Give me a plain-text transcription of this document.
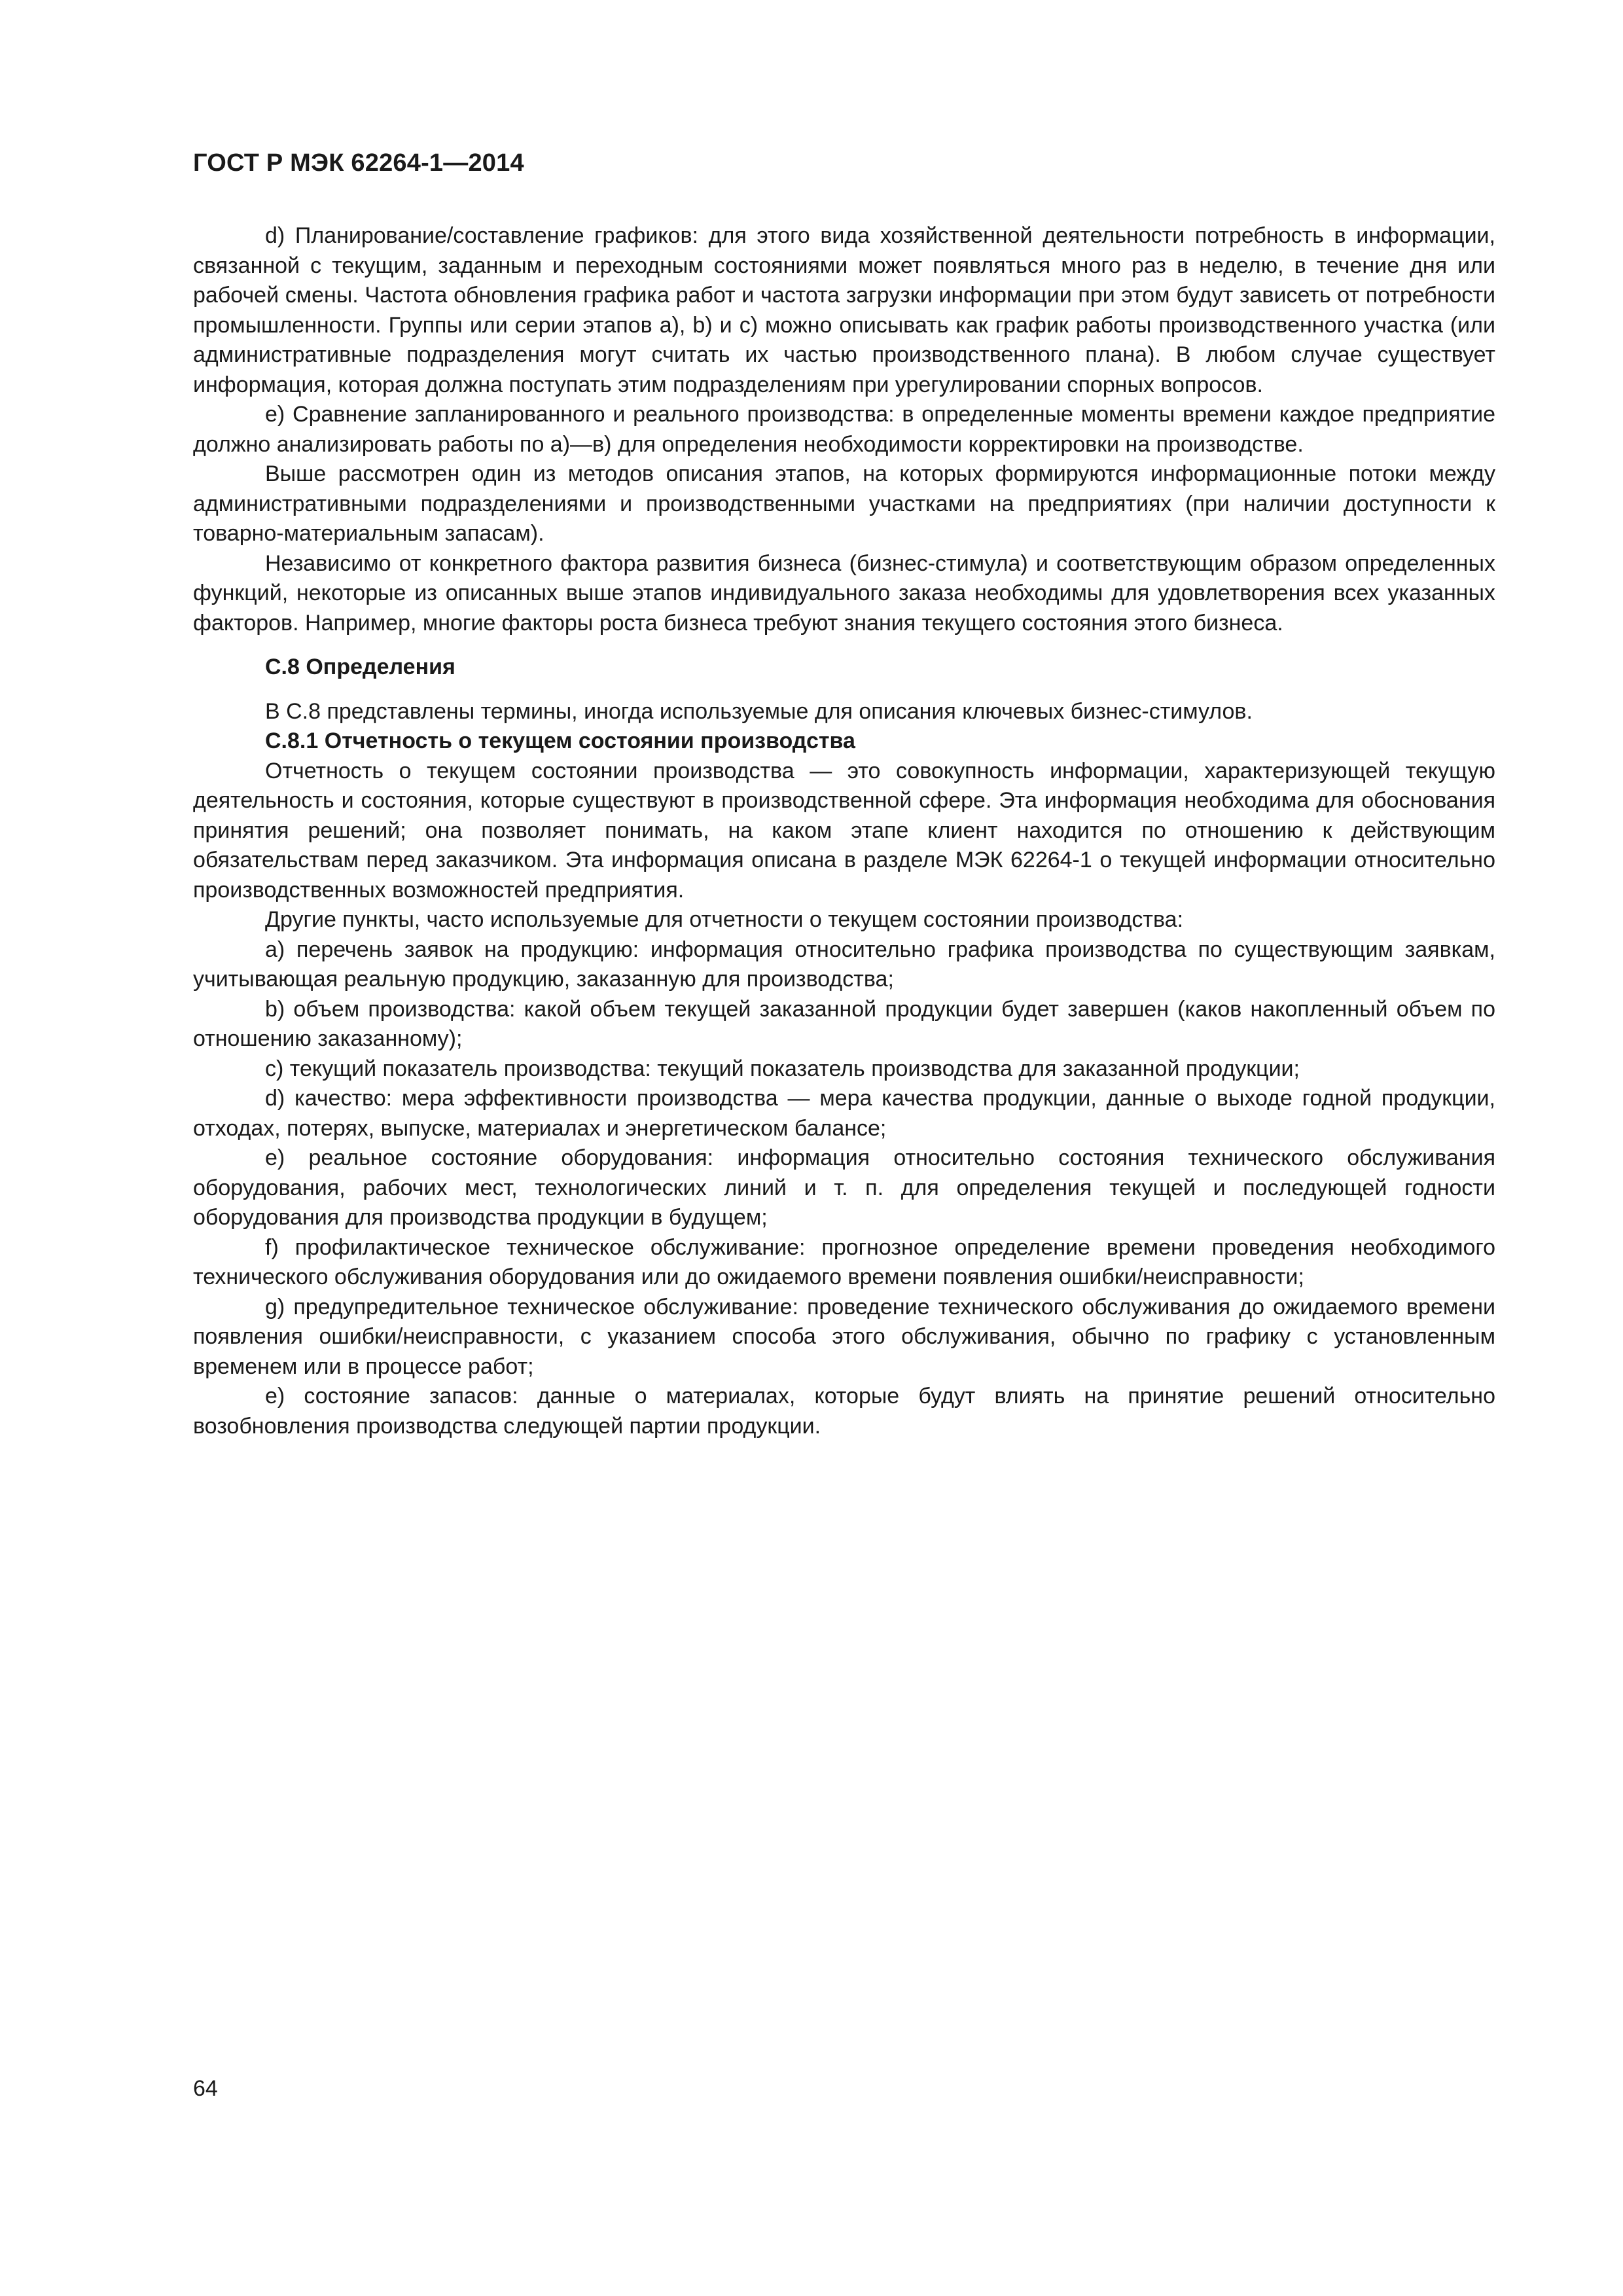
ГОСТ Р МЭК 62264-1—2014

d) Планирование/составление графиков: для этого вида хозяйственной деятельности потребность в информации, связанной с текущим, заданным и переходным состояниями может появляться много раз в неделю, в течение дня или рабочей смены. Частота обновления графика работ и частота загрузки информации при этом будут зависеть от потребности промышленности. Группы или серии этапов a), b) и с) можно описывать как график работы производственного участка (или административные подразделения могут считать их частью производственного плана). В любом случае существует информация, которая должна поступать этим подразделениям при урегулировании спорных вопросов.

e) Сравнение запланированного и реального производства: в определенные моменты времени каждое предприятие должно анализировать работы по а)—в) для определения необходимости корректировки на производстве.

Выше рассмотрен один из методов описания этапов, на которых формируются информационные потоки между административными подразделениями и производственными участками на предприятиях (при наличии доступности к товарно-материальным запасам).

Независимо от конкретного фактора развития бизнеса (бизнес-стимула) и соответствующим образом определенных функций, некоторые из описанных выше этапов индивидуального заказа необходимы для удовлетворения всех указанных факторов. Например, многие факторы роста бизнеса требуют знания текущего состояния этого бизнеса.

С.8 Определения

В С.8 представлены термины, иногда используемые для описания ключевых бизнес-стимулов.

С.8.1 Отчетность о текущем состоянии производства

Отчетность о текущем состоянии производства — это совокупность информации, характеризующей текущую деятельность и состояния, которые существуют в производственной сфере. Эта информация необходима для обоснования принятия решений; она позволяет понимать, на каком этапе клиент находится по отношению к действующим обязательствам перед заказчиком. Эта информация описана в разделе МЭК 62264-1 о текущей информации относительно производственных возможностей предприятия.

Другие пункты, часто используемые для отчетности о текущем состоянии производства:

a) перечень заявок на продукцию: информация относительно графика производства по существующим заявкам, учитывающая реальную продукцию, заказанную для производства;

b) объем производства: какой объем текущей заказанной продукции будет завершен (каков накопленный объем по отношению заказанному);

c) текущий показатель производства: текущий показатель производства для заказанной продукции;

d) качество: мера эффективности производства — мера качества продукции, данные о выходе годной продукции, отходах, потерях, выпуске, материалах и энергетическом балансе;

e) реальное состояние оборудования: информация относительно состояния технического обслуживания оборудования, рабочих мест, технологических линий и т. п. для определения текущей и последующей годности оборудования для производства продукции в будущем;

f) профилактическое техническое обслуживание: прогнозное определение времени проведения необходимого технического обслуживания оборудования или до ожидаемого времени появления ошибки/неисправности;

g) предупредительное техническое обслуживание: проведение технического обслуживания до ожидаемого времени появления ошибки/неисправности, с указанием способа этого обслуживания, обычно по графику с установленным временем или в процессе работ;

e) состояние запасов: данные о материалах, которые будут влиять на принятие решений относительно возобновления производства следующей партии продукции.

64
